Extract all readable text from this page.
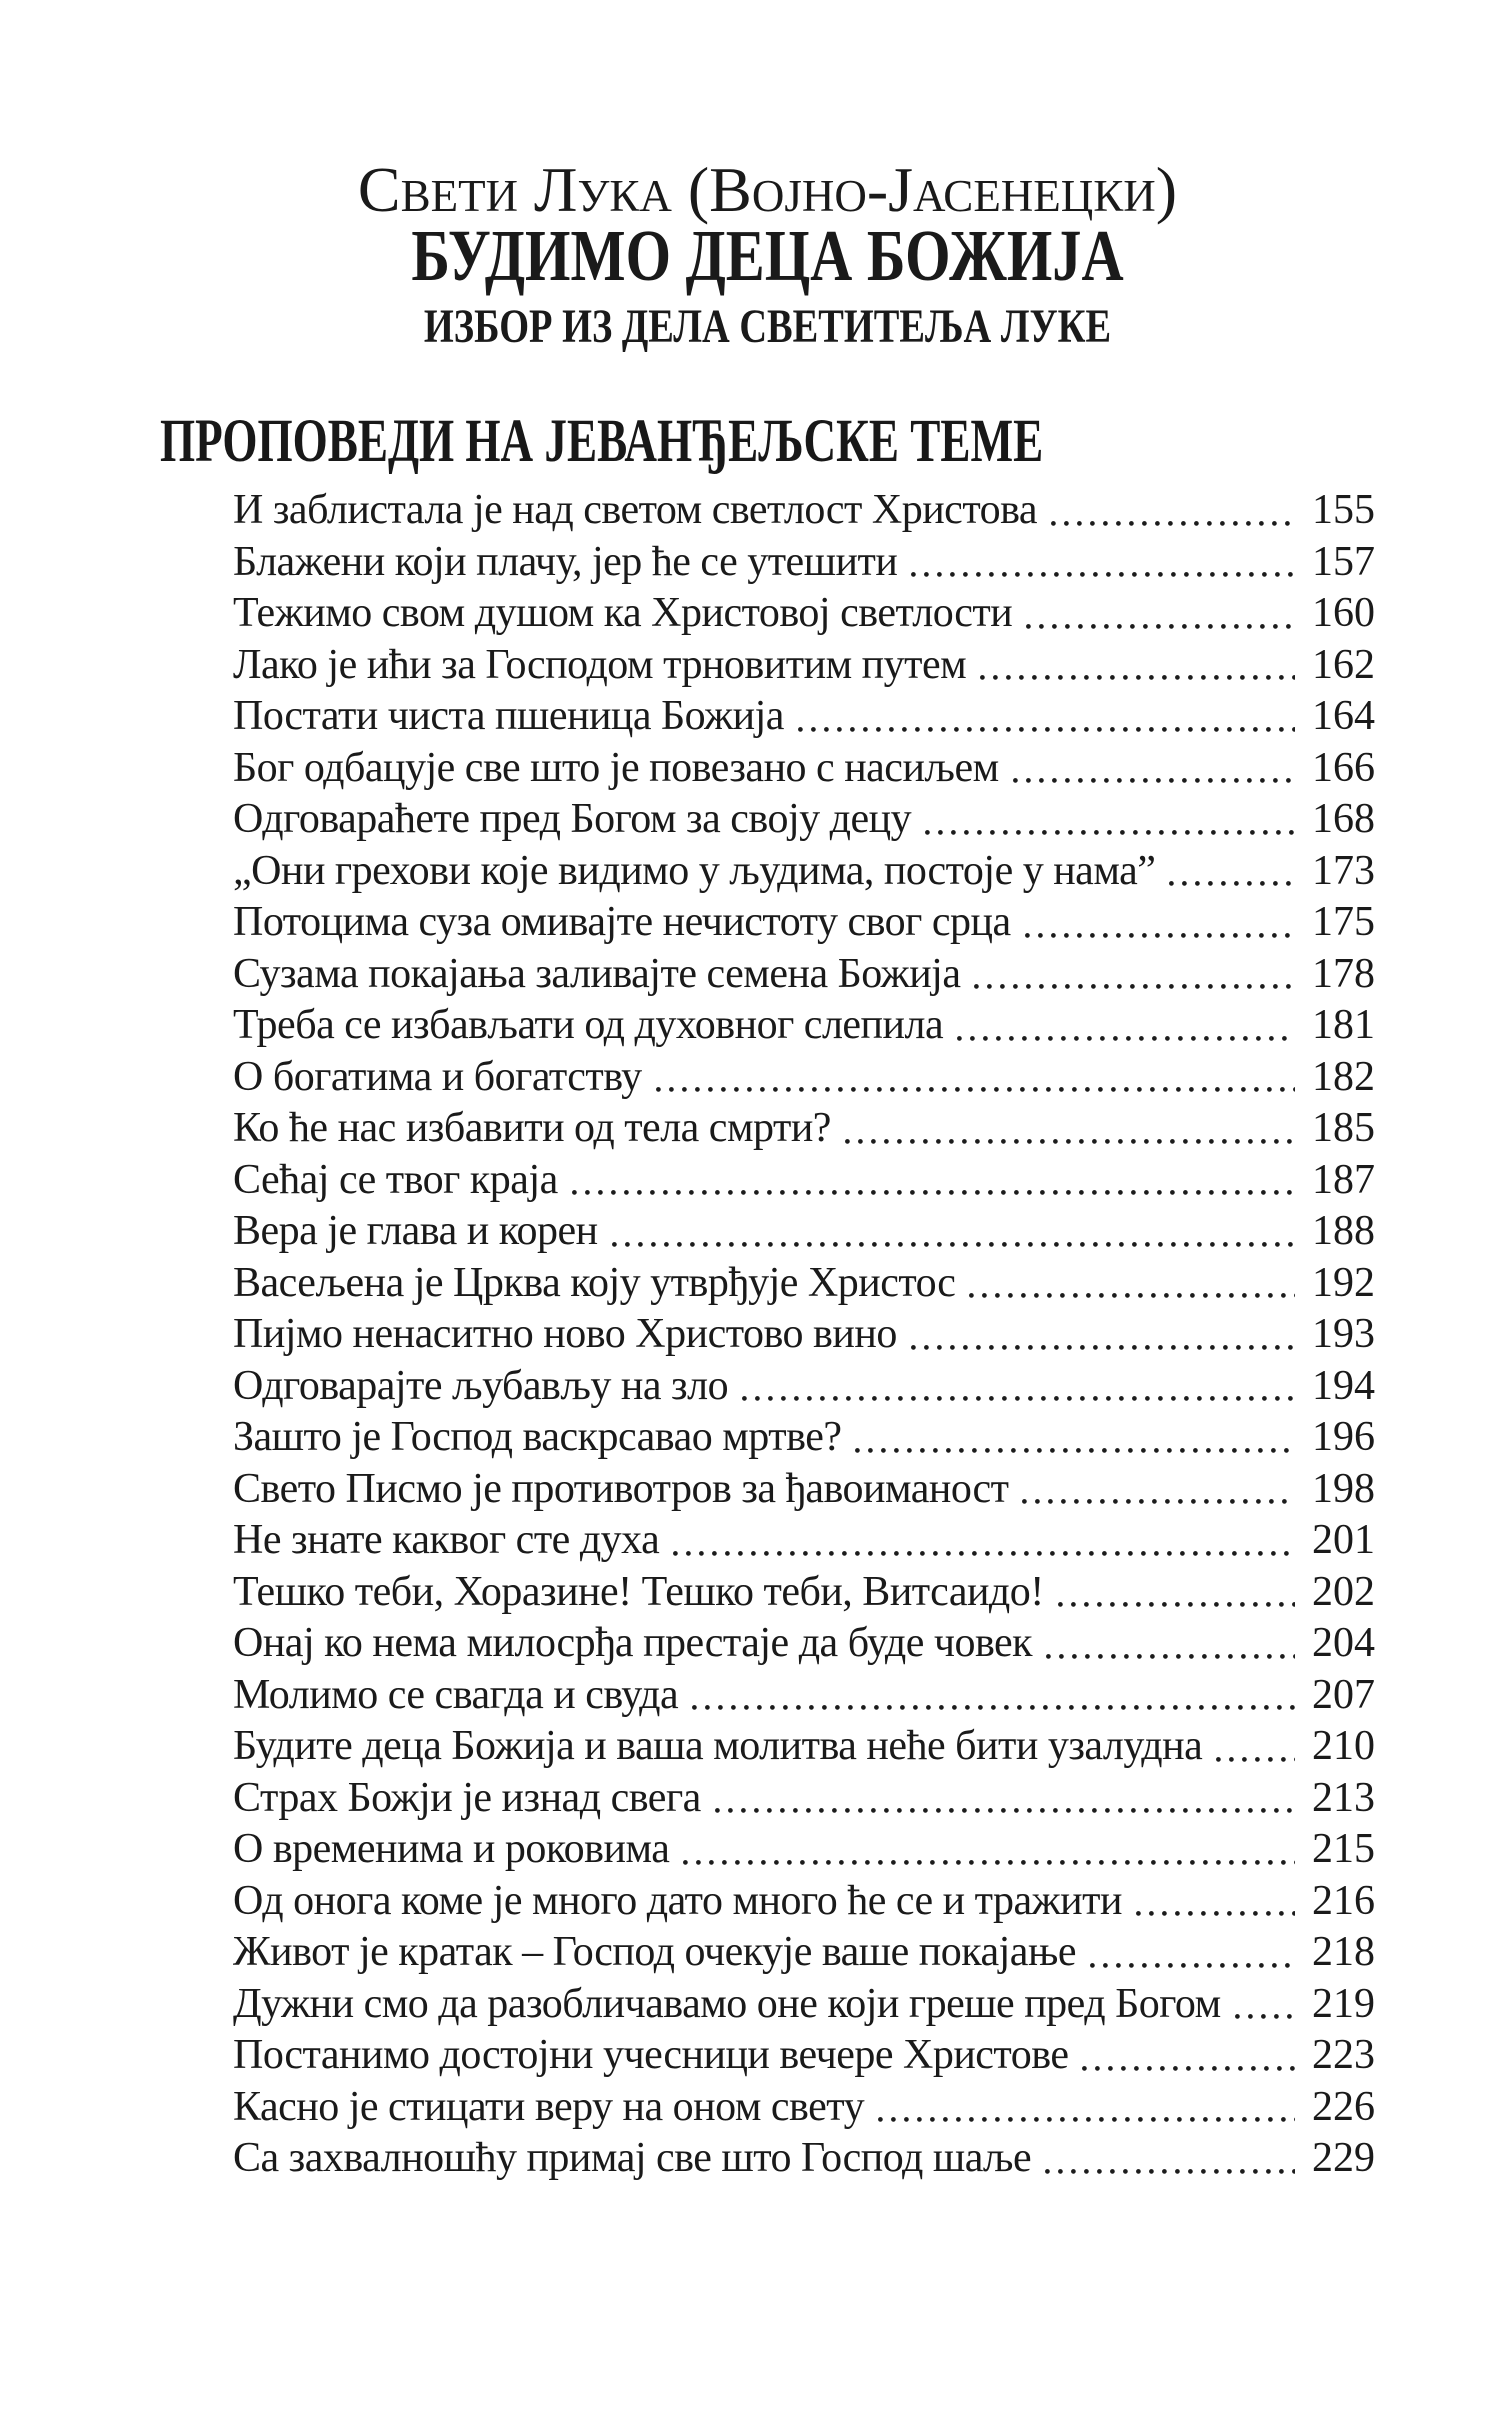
Свети Лука (Војно-Јасенецки)
БУДИМО ДЕЦА БОЖИЈА
ИЗБОР ИЗ ДЕЛА СВЕТИТЕЉА ЛУКЕ
ПРОПОВЕДИ НА ЈЕВАНЂЕЉСКЕ ТЕМЕ
И заблистала је над светом светлост Христова	155
Блажени који плачу, јер ће се утешити	157
Тежимо свом душом ка Христовој светлости	160
Лако је ићи за Господом трновитим путем	162
Постати чиста пшеница Божија	164
Бог одбацује све што је повезано с насиљем	166
Одговараћете пред Богом за своју децу	168
„Они грехови које видимо у људима, постоје у нама”	173
Потоцима суза омивајте нечистоту свог срца	175
Сузама покајања заливајте семена Божија	178
Треба се избављати од духовног слепила	181
О богатима и богатству	182
Ко ће нас избавити од тела смрти?	185
Сећај се твог краја	187
Вера је глава и корен	188
Васељена је Црква коју утврђује Христос	192
Пијмо ненаситно ново Христово вино	193
Одговарајте љубављу на зло	194
Зашто је Господ васкрсавао мртве?	196
Свето Писмо је противотров за ђавоиманост	198
Не знате каквог сте духа	201
Тешко теби, Хоразине! Тешко теби, Витсаидо!	202
Онај ко нема милосрђа престаје да буде човек	204
Молимо се свагда и свуда	207
Будите деца Божија и ваша молитва неће бити узалудна	210
Страх Божји је изнад свега	213
О временима и роковима	215
Од онога коме је много дато много ће се и тражити	216
Живот је кратак – Господ очекује ваше покајање	218
Дужни смо да разобличавамо оне који греше пред Богом 219
Постанимо достојни учесници вечере Христове	223
Касно је стицати веру на оном свету	226
Са захвалношћу примај све што Господ шаље	229
